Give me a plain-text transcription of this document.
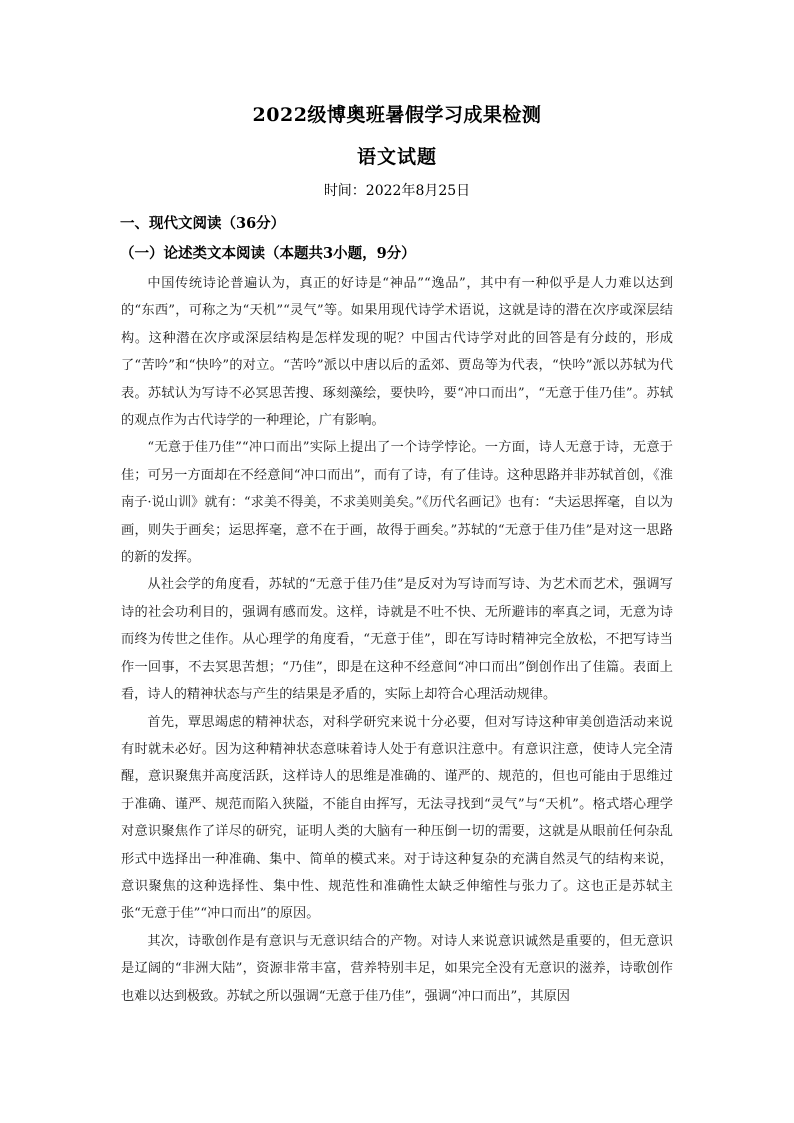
2022级博奥班暑假学习成果检测
语文试题
时间：2022年8月25日
一、现代文阅读（36分）
（一）论述类文本阅读（本题共3小题，9分）

中国传统诗论普遍认为，真正的好诗是“神品”“逸品”，其中有一种似乎是人力难以达到的“东西”，可称之为“天机”“灵气”等。如果用现代诗学术语说，这就是诗的潜在次序或深层结构。这种潜在次序或深层结构是怎样发现的呢？中国古代诗学对此的回答是有分歧的，形成了“苦吟”和“快吟”的对立。“苦吟”派以中唐以后的孟郊、贾岛等为代表，“快吟”派以苏轼为代表。苏轼认为写诗不必冥思苦搜、琢刻藻绘，要快吟，要“冲口而出”，“无意于佳乃佳”。苏轼的观点作为古代诗学的一种理论，广有影响。

“无意于佳乃佳”“冲口而出”实际上提出了一个诗学悖论。一方面，诗人无意于诗，无意于佳；可另一方面却在不经意间“冲口而出”，而有了诗，有了佳诗。这种思路并非苏轼首创，《淮南子·说山训》就有：“求美不得美，不求美则美矣。”《历代名画记》也有：“夫运思挥毫，自以为画，则失于画矣；运思挥毫，意不在于画，故得于画矣。”苏轼的“无意于佳乃佳”是对这一思路的新的发挥。

从社会学的角度看，苏轼的“无意于佳乃佳”是反对为写诗而写诗、为艺术而艺术，强调写诗的社会功利目的，强调有感而发。这样，诗就是不吐不快、无所避讳的率真之词，无意为诗而终为传世之佳作。从心理学的角度看，“无意于佳”，即在写诗时精神完全放松，不把写诗当作一回事，不去冥思苦想；“乃佳”，即是在这种不经意间“冲口而出”倒创作出了佳篇。表面上看，诗人的精神状态与产生的结果是矛盾的，实际上却符合心理活动规律。

首先，覃思竭虑的精神状态，对科学研究来说十分必要，但对写诗这种审美创造活动来说有时就未必好。因为这种精神状态意味着诗人处于有意识注意中。有意识注意，使诗人完全清醒，意识聚焦并高度活跃，这样诗人的思维是准确的、谨严的、规范的，但也可能由于思维过于准确、谨严、规范而陷入狭隘，不能自由挥写，无法寻找到“灵气”与“天机”。格式塔心理学对意识聚焦作了详尽的研究，证明人类的大脑有一种压倒一切的需要，这就是从眼前任何杂乱形式中选择出一种准确、集中、简单的模式来。对于诗这种复杂的充满自然灵气的结构来说，意识聚焦的这种选择性、集中性、规范性和准确性太缺乏伸缩性与张力了。这也正是苏轼主张“无意于佳”“冲口而出”的原因。

其次，诗歌创作是有意识与无意识结合的产物。对诗人来说意识诚然是重要的，但无意识是辽阔的“非洲大陆”，资源非常丰富，营养特别丰足，如果完全没有无意识的滋养，诗歌创作也难以达到极致。苏轼之所以强调“无意于佳乃佳”，强调“冲口而出”，其原因
